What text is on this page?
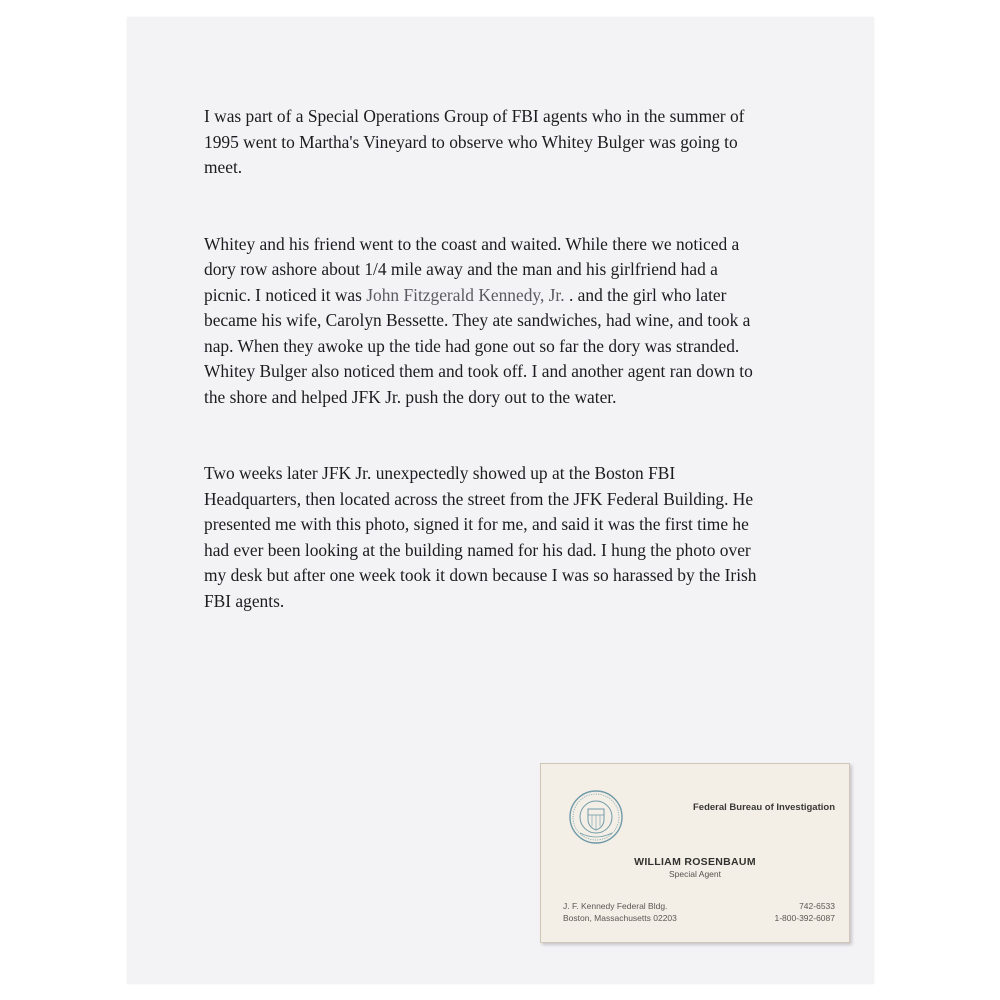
I was part of a Special Operations Group of FBI agents who in the summer of 1995 went to Martha's Vineyard to observe who Whitey Bulger was going to meet.

Whitey and his friend went to the coast and waited. While there we noticed a dory row ashore about 1/4 mile away and the man and his girlfriend had a picnic. I noticed it was John Fitzgerald Kennedy, Jr. . and the girl who later became his wife, Carolyn Bessette. They ate sandwiches, had wine, and took a nap. When they awoke up the tide had gone out so far the dory was stranded. Whitey Bulger also noticed them and took off. I and another agent ran down to the shore and helped JFK Jr. push the dory out to the water.

Two weeks later JFK Jr. unexpectedly showed up at the Boston FBI Headquarters, then located across the street from the JFK Federal Building. He presented me with this photo, signed it for me, and said it was the first time he had ever been looking at the building named for his dad. I hung the photo over my desk but after one week took it down because I was so harassed by the Irish FBI agents.

Federal Bureau of Investigation
WILLIAM ROSENBAUM
Special Agent
J. F. Kennedy Federal Bldg.
Boston, Massachusetts 02203
742-6533
1-800-392-6087
